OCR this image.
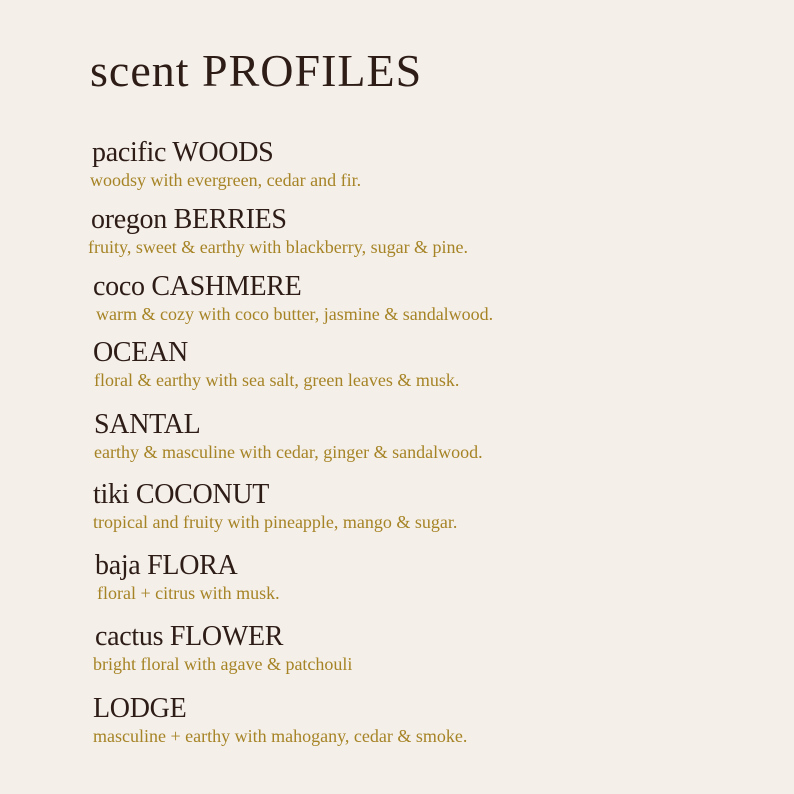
scent PROFILES
pacific WOODS
woodsy with evergreen, cedar and fir.
oregon BERRIES
fruity, sweet & earthy with blackberry, sugar & pine.
coco CASHMERE
warm & cozy with coco butter, jasmine & sandalwood.
OCEAN
floral & earthy with sea salt, green leaves & musk.
SANTAL
earthy & masculine with cedar, ginger & sandalwood.
tiki COCONUT
tropical and fruity with pineapple, mango & sugar.
baja FLORA
floral + citrus with musk.
cactus FLOWER
bright floral with agave & patchouli
LODGE
masculine + earthy with mahogany, cedar & smoke.
